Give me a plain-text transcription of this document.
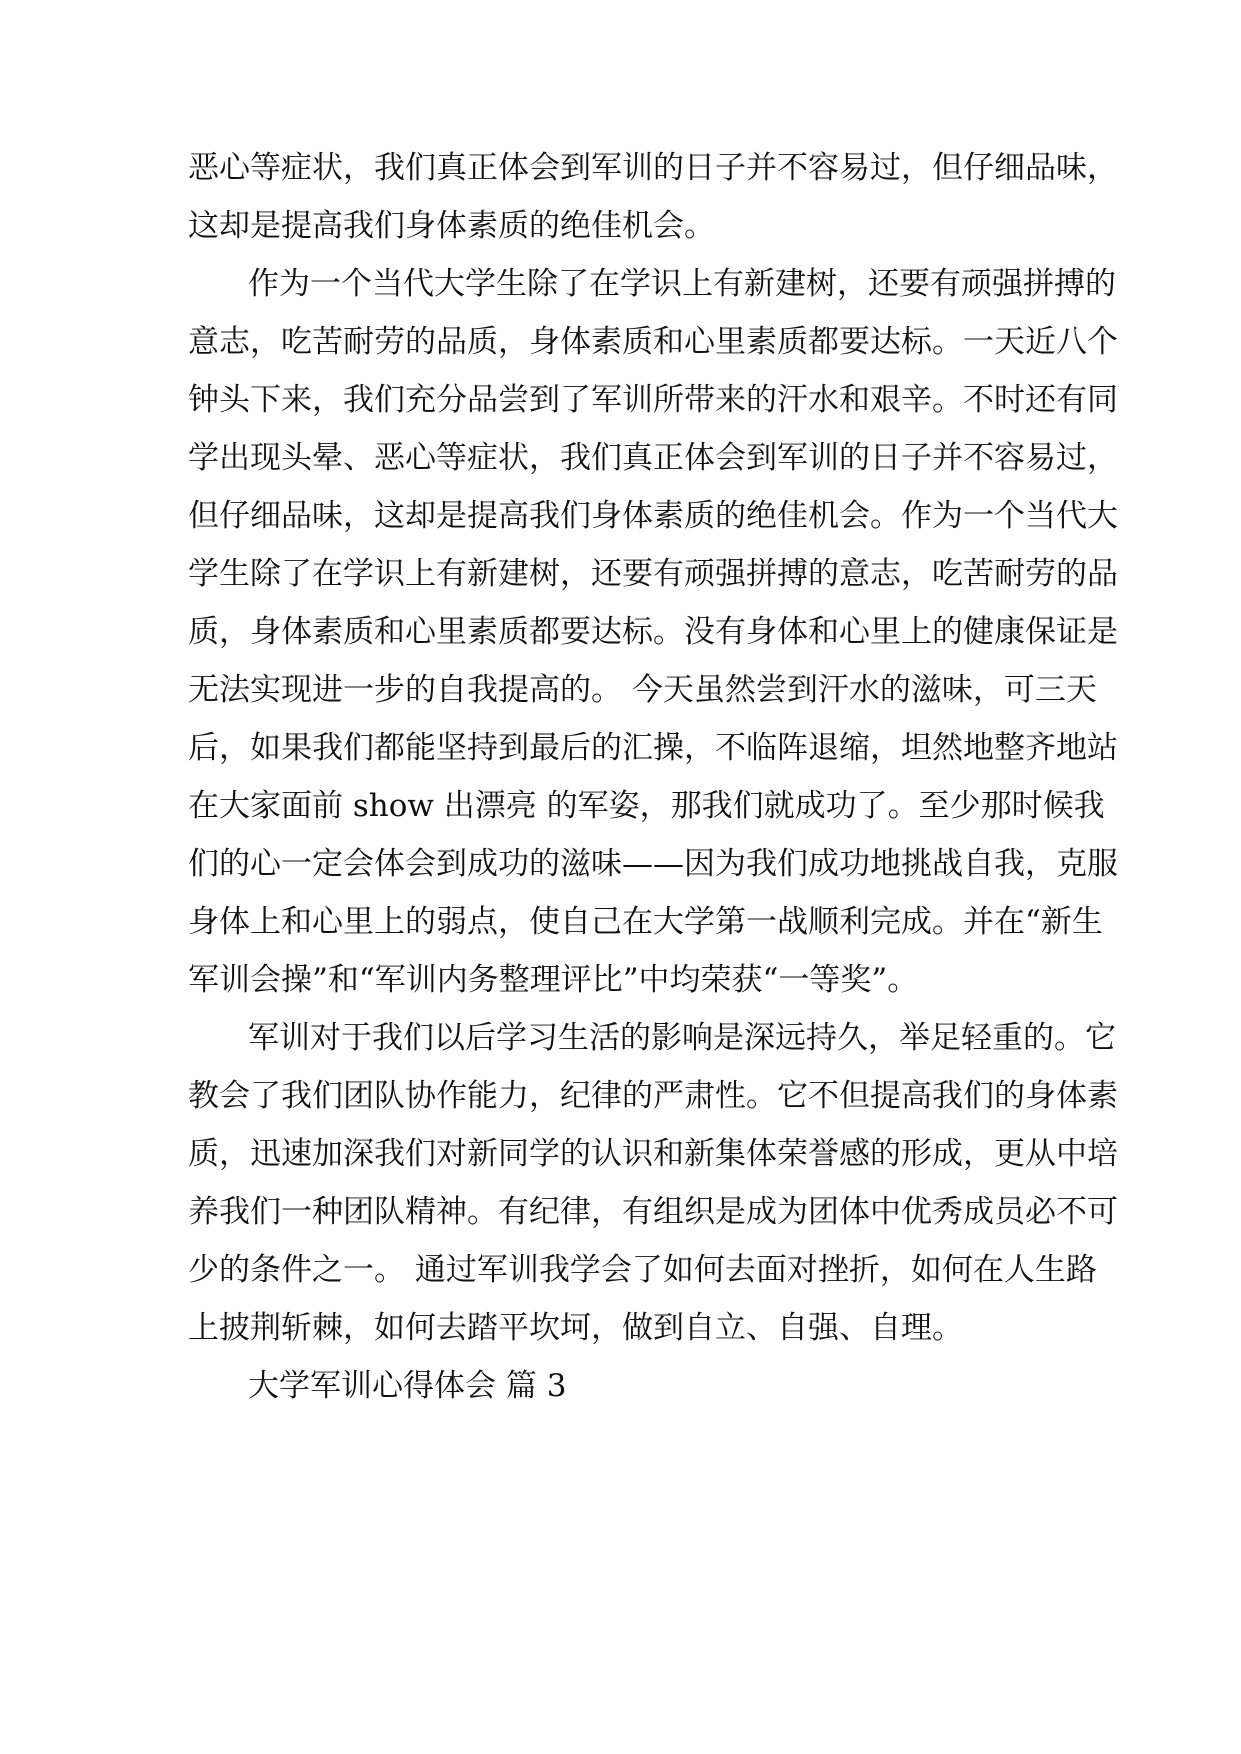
恶心等症状，我们真正体会到军训的日子并不容易过，但仔细品味，
这却是提高我们身体素质的绝佳机会。
作为一个当代大学生除了在学识上有新建树，还要有顽强拼搏的
意志，吃苦耐劳的品质，身体素质和心里素质都要达标。一天近八个
钟头下来，我们充分品尝到了军训所带来的汗水和艰辛。不时还有同
学出现头晕、恶心等症状，我们真正体会到军训的日子并不容易过，
但仔细品味，这却是提高我们身体素质的绝佳机会。作为一个当代大
学生除了在学识上有新建树，还要有顽强拼搏的意志，吃苦耐劳的品
质，身体素质和心里素质都要达标。没有身体和心里上的健康保证是
无法实现进一步的自我提高的。 今天虽然尝到汗水的滋味，可三天
后，如果我们都能坚持到最后的汇操，不临阵退缩，坦然地整齐地站
在大家面前 show 出漂亮 的军姿，那我们就成功了。至少那时候我
们的心一定会体会到成功的滋味——因为我们成功地挑战自我，克服
身体上和心里上的弱点，使自己在大学第一战顺利完成。并在“新生
军训会操”和“军训内务整理评比”中均荣获“一等奖”。
军训对于我们以后学习生活的影响是深远持久，举足轻重的。它
教会了我们团队协作能力，纪律的严肃性。它不但提高我们的身体素
质，迅速加深我们对新同学的认识和新集体荣誉感的形成，更从中培
养我们一种团队精神。有纪律，有组织是成为团体中优秀成员必不可
少的条件之一。 通过军训我学会了如何去面对挫折，如何在人生路
上披荆斩棘，如何去踏平坎坷，做到自立、自强、自理。
大学军训心得体会 篇 3
